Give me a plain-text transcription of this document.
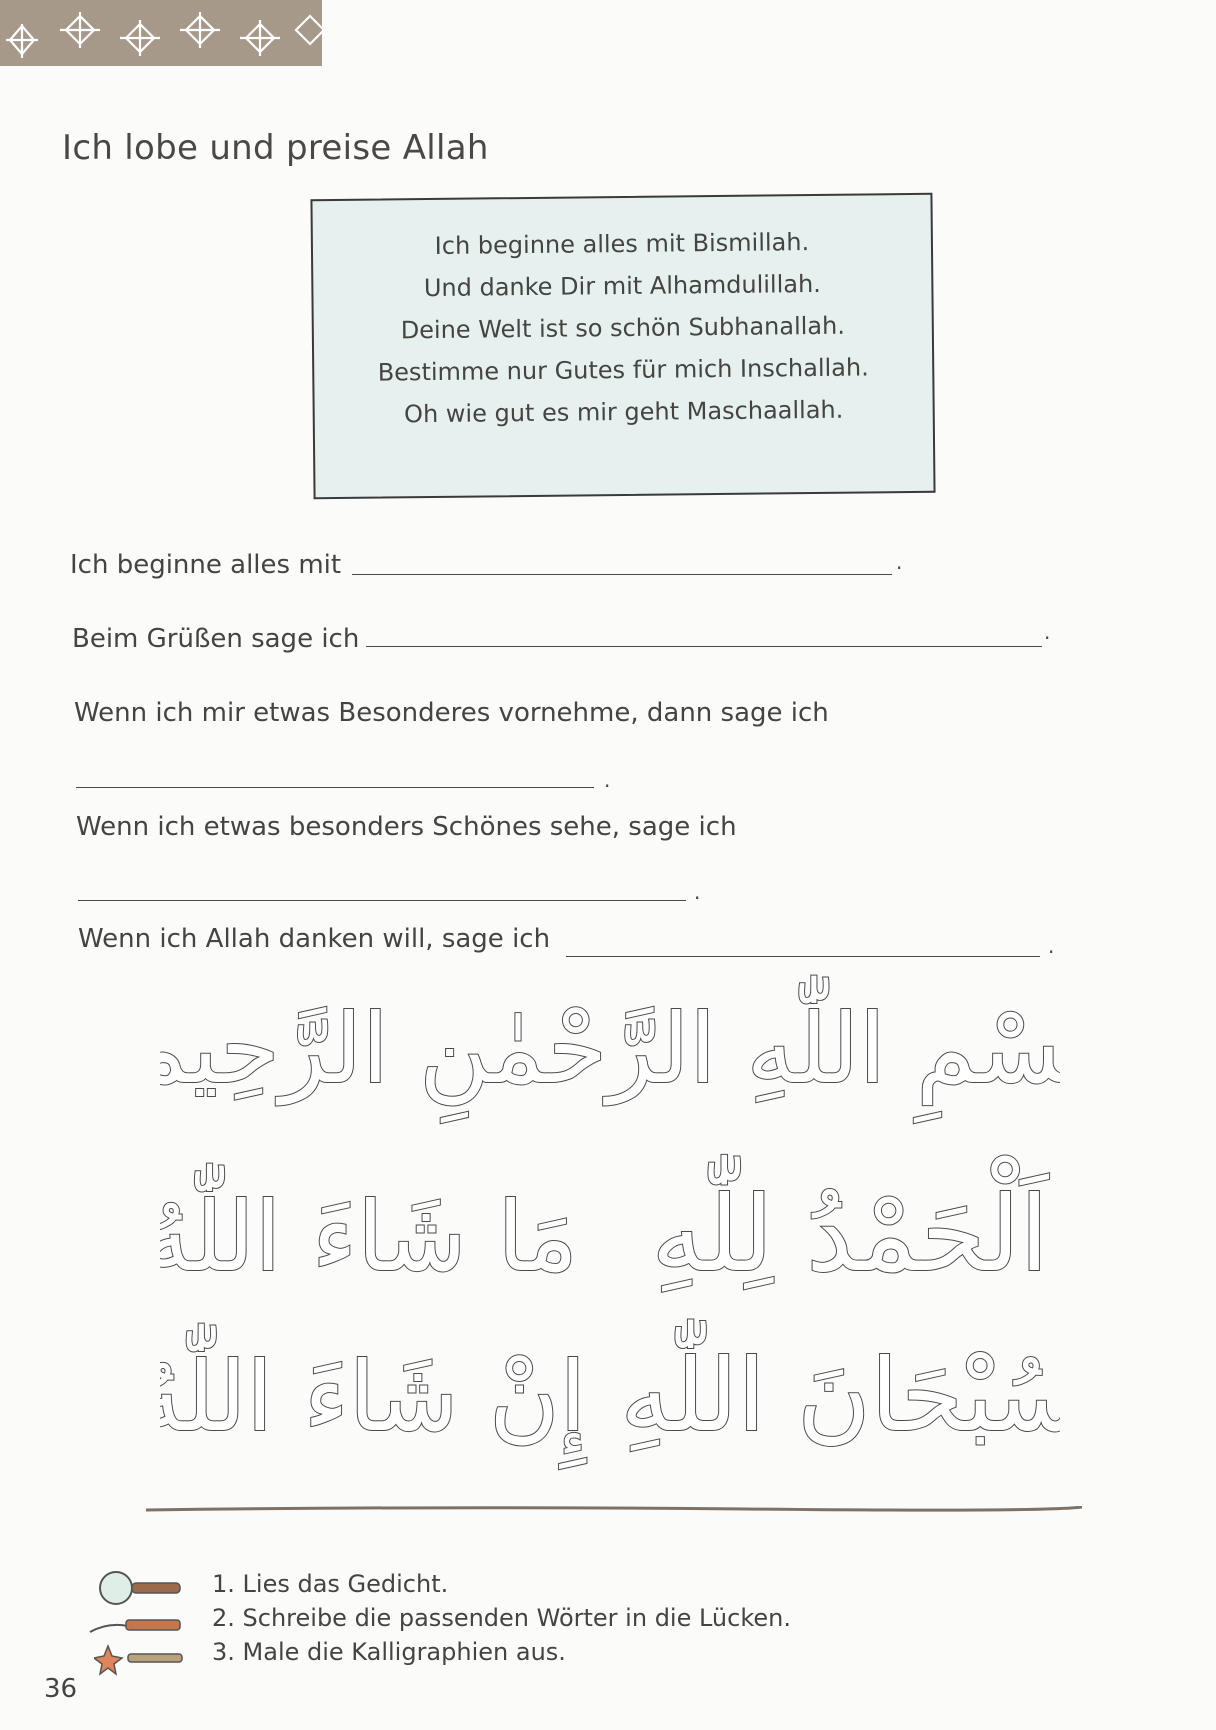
Ich lobe und preise Allah
Ich beginne alles mit Bismillah.
Und danke Dir mit Alhamdulillah.
Deine Welt ist so schön Subhanallah.
Bestimme nur Gutes für mich Inschallah.
Oh wie gut es mir geht Maschaallah.
Ich beginne alles mit	.
Beim Grüßen sage ich	.
Wenn ich mir etwas Besonderes vornehme, dann sage ich
.
Wenn ich etwas besonders Schönes sehe, sage ich
.
Wenn ich Allah danken will, sage ich	.
بِسْمِ اللّٰهِ الرَّحْمٰنِ الرَّحِيمِ
اَلْحَمْدُ لِلّٰهِ
مَا شَاءَ اللّٰهُ
سُبْحَانَ اللّٰهِ
إِنْ شَاءَ اللّٰهُ
1. Lies das Gedicht.
2. Schreibe die passenden Wörter in die Lücken.
3. Male die Kalligraphien aus.
36
